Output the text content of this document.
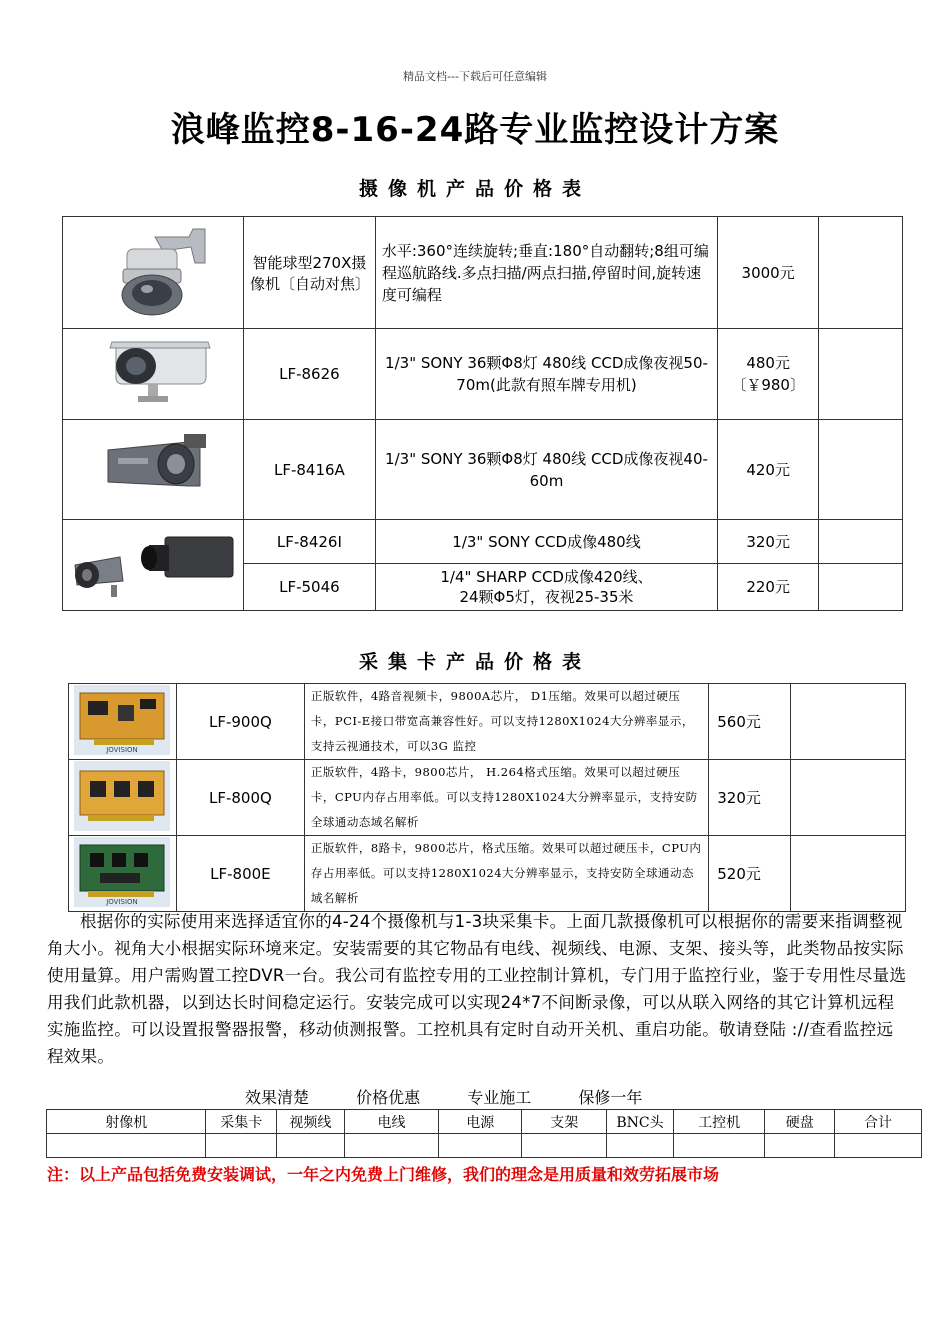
精品文档---下载后可任意编辑
浪峰监控8-16-24路专业监控设计方案
摄像机产品价格表
	智能球型270X摄像机〔自动对焦〕	水平:360°连续旋转;垂直:180°自动翻转;8组可编程巡航路线.多点扫描/两点扫描,停留时间,旋转速度可编程	3000元	
	LF-8626	1/3" SONY 36颗Φ8灯 480线 CCD成像夜视50-70m(此款有照车牌专用机)	480元
〔￥980〕	

	LF-8416A	1/3" SONY 36颗Φ8灯 480线 CCD成像夜视40-60m	420元	
	LF-8426I	1/3" SONY CCD成像480线	320元	
	LF-5046	1/4" SHARP CCD成像420线、
24颗Φ5灯，夜视25-35米	220元	
采集卡产品价格表
JOVISION	LF-900Q	正版软件，4路音视频卡，9800A芯片， D1压缩。效果可以超过硬压卡，PCI-E接口带宽高兼容性好。可以支持1280X1024大分辨率显示，支持云视通技术，可以3G 监控	560元	
	LF-800Q	正版软件，4路卡，9800芯片， H.264格式压缩。效果可以超过硬压卡，CPU内存占用率低。可以支持1280X1024大分辨率显示，支持安防全球通动态域名解析	320元	

JOVISION	LF-800E	正版软件，8路卡，9800芯片，格式压缩。效果可以超过硬压卡，CPU内存占用率低。可以支持1280X1024大分辨率显示，支持安防全球通动态域名解析	520元	
根据你的实际使用来选择适宜你的4-24个摄像机与1-3块采集卡。上面几款摄像机可以根据你的需要来指调整视角大小。视角大小根据实际环境来定。安装需要的其它物品有电线、视频线、电源、支架、接头等，此类物品按实际使用量算。用户需购置工控DVR一台。我公司有监控专用的工业控制计算机，专门用于监控行业，鉴于专用性尽量选用我们此款机器，以到达长时间稳定运行。安装完成可以实现24*7不间断录像，可以从联入网络的其它计算机远程实施监控。可以设置报警器报警，移动侦测报警。工控机具有定时自动开关机、重启功能。敬请登陆 ://查看监控远程效果。
效果清楚	价格优惠	专业施工	保修一年
射像机	采集卡	视频线	电线	电源	支架	BNC头	工控机	硬盘	合计

注：以上产品包括免费安装调试，一年之内免费上门维修，我们的理念是用质量和效劳拓展市场
